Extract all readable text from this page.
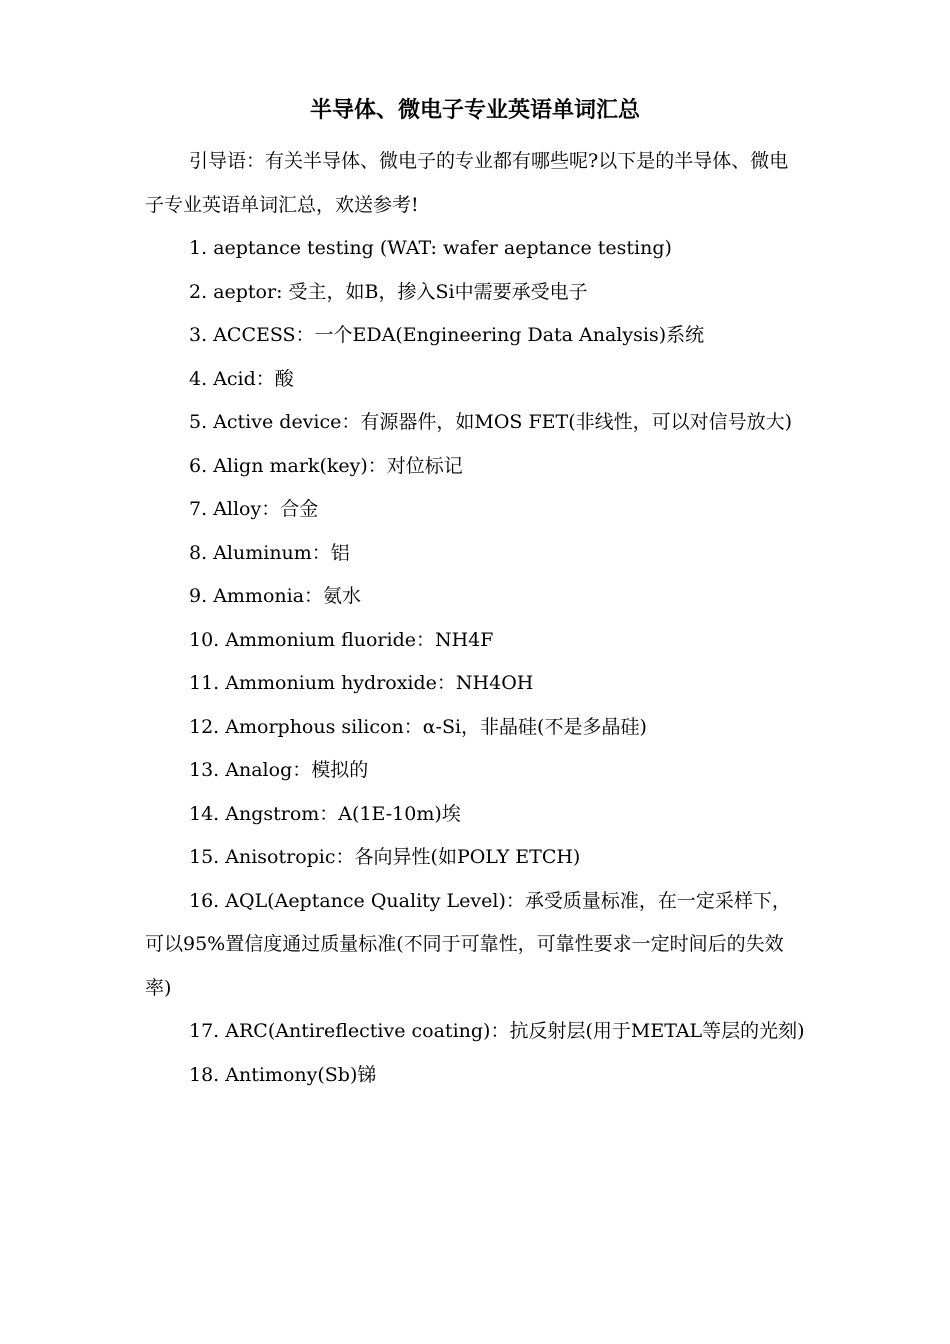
半导体、微电子专业英语单词汇总

引导语：有关半导体、微电子的专业都有哪些呢?以下是的半导体、微电子专业英语单词汇总，欢送参考!

1. aeptance testing (WAT: wafer aeptance testing)

2. aeptor: 受主，如B，掺入Si中需要承受电子

3. ACCESS：一个EDA(Engineering Data Analysis)系统

4. Acid：酸

5. Active device：有源器件，如MOS FET(非线性，可以对信号放大)

6. Align mark(key)：对位标记

7. Alloy：合金

8. Aluminum：铝

9. Ammonia：氨水

10. Ammonium fluoride：NH4F

11. Ammonium hydroxide：NH4OH

12. Amorphous silicon：α-Si，非晶硅(不是多晶硅)

13. Analog：模拟的

14. Angstrom：A(1E-10m)埃

15. Anisotropic：各向异性(如POLY ETCH)

16. AQL(Aeptance Quality Level)：承受质量标准，在一定采样下，可以95%置信度通过质量标准(不同于可靠性，可靠性要求一定时间后的失效率)

17. ARC(Antireflective coating)：抗反射层(用于METAL等层的光刻)

18. Antimony(Sb)锑
